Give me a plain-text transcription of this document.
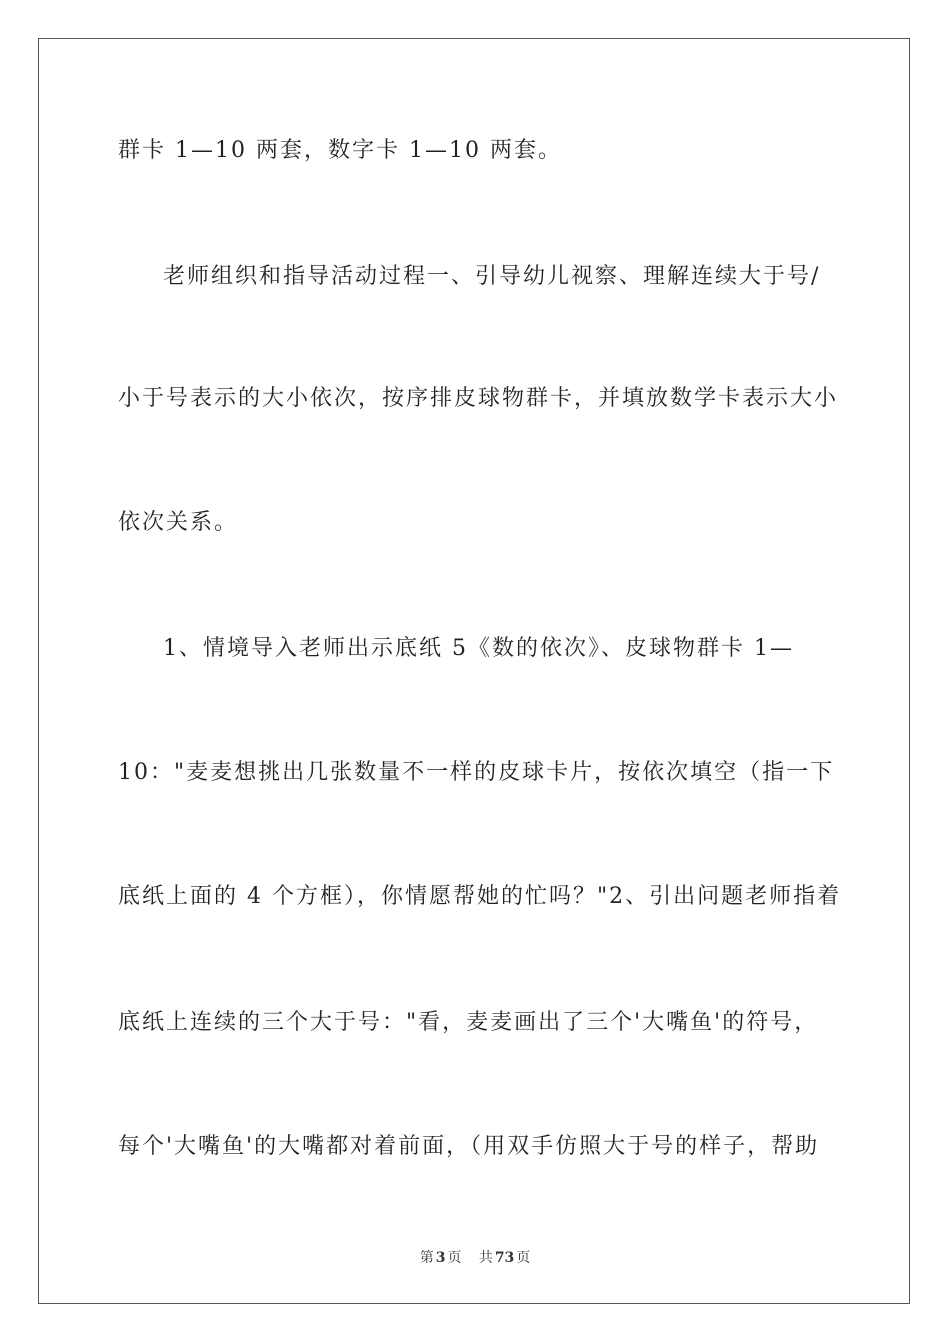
群卡 1—10 两套，数字卡 1—10 两套。
老师组织和指导活动过程一、引导幼儿视察、理解连续大于号/
小于号表示的大小依次，按序排皮球物群卡，并填放数学卡表示大小
依次关系。
1、情境导入老师出示底纸 5《数的依次》、皮球物群卡 1—
10："麦麦想挑出几张数量不一样的皮球卡片，按依次填空（指一下
底纸上面的 4 个方框），你情愿帮她的忙吗？"2、引出问题老师指着
底纸上连续的三个大于号："看，麦麦画出了三个'大嘴鱼'的符号，
每个'大嘴鱼'的大嘴都对着前面，（用双手仿照大于号的样子，帮助
第 3 页 共 73 页
